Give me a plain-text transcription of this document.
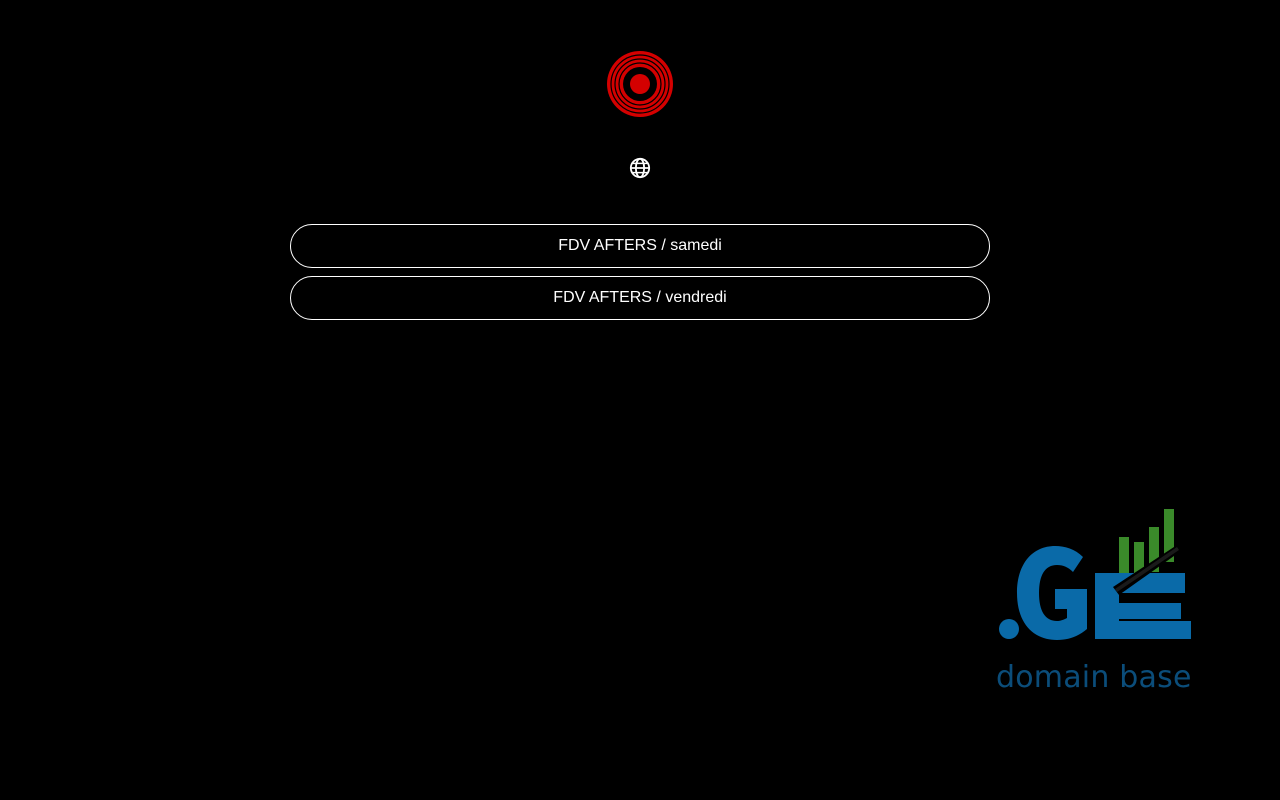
FDV AFTERS / samedi
FDV AFTERS / vendredi
domain base
